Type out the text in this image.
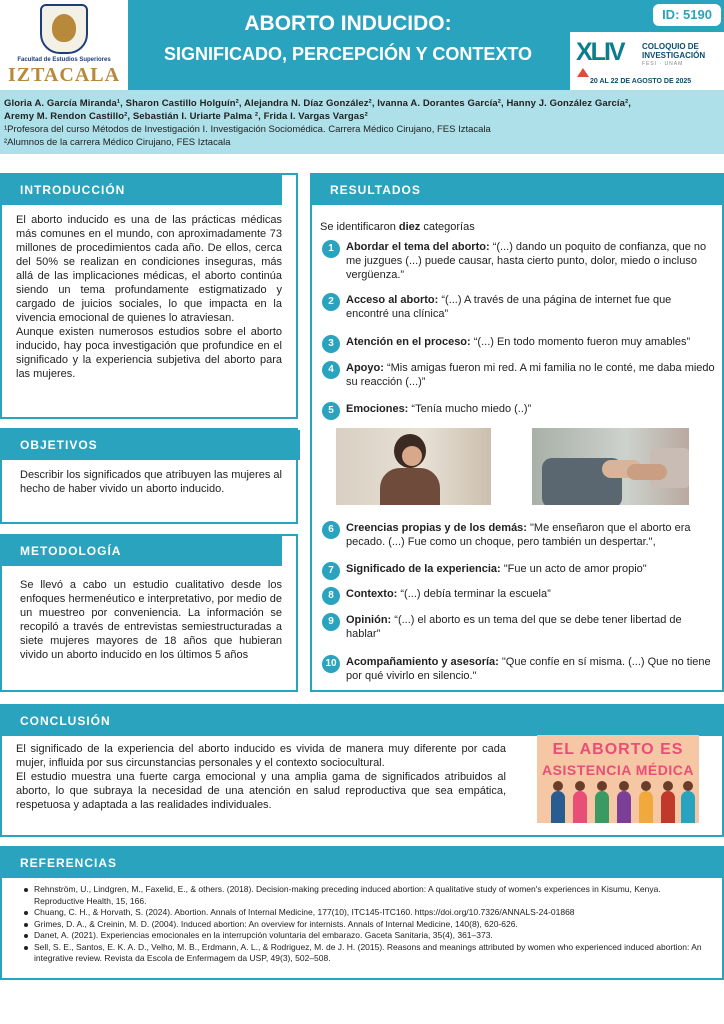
Facultad de Estudios Superiores
IZTACALA
ABORTO INDUCIDO:
SIGNIFICADO, PERCEPCIÓN Y CONTEXTO
ID: 5190
XLIV COLOQUIO DE
INVESTIGACIÓN
FESI · UNAM
20 AL 22 DE AGOSTO DE 2025
Gloria A. García Miranda¹, Sharon Castillo Holguín², Alejandra N. Díaz González², Ivanna A. Dorantes García², Hanny J. González García²,
Aremy M. Rendon Castillo², Sebastián I. Uriarte Palma ², Frida I. Vargas Vargas²
¹Profesora del curso Métodos de Investigación I. Investigación Sociomédica. Carrera Médico Cirujano, FES Iztacala
²Alumnos de la carrera Médico Cirujano, FES Iztacala
INTRODUCCIÓN

El aborto inducido es una de las prácticas médicas más comunes en el mundo, con aproximadamente 73 millones de procedimientos cada año. De ellos, cerca del 50% se realizan en condiciones inseguras, más allá de las implicaciones médicas, el aborto continúa siendo un tema profundamente estigmatizado y cargado de juicios sociales, lo que impacta en la vivencia emocional de quienes lo atraviesan.

Aunque existen numerosos estudios sobre el aborto inducido, hay poca investigación que profundice en el significado y la experiencia subjetiva del aborto para las mujeres.

OBJETIVOS
Describir los significados que atribuyen las mujeres al hecho de haber vivido un aborto inducido.
METODOLOGÍA
Se llevó a cabo un estudio cualitativo desde los enfoques hermenéutico e interpretativo, por medio de un muestreo por conveniencia. La información se recopiló a través de entrevistas semiestructuradas a siete mujeres mayores de 18 años que hubieran vivido un aborto inducido en los últimos 5 años
RESULTADOS
Se identificaron diez categorías
1	Abordar el tema del aborto: “(...) dando un poquito de confianza, que no me juzgues (...) puede causar, hasta cierto punto, dolor, miedo o incluso vergüenza.”
2	Acceso al aborto: “(...) A través de una página de internet fue que encontré una clínica”
3	Atención en el proceso: “(...) En todo momento fueron muy amables”
4	Apoyo: “Mis amigas fueron mi red. A mi familia no le conté, me daba miedo su reacción (...)”
5	Emociones: “Tenía mucho miedo (..)”
6	Creencias propias y de los demás: "Me enseñaron que el aborto era pecado. (...) Fue como un choque, pero también un despertar.",
7	Significado de la experiencia: "Fue un acto de amor propio"
8	Contexto: “(...) debía terminar la escuela”
9	Opinión: “(...) el aborto es un tema del que se debe tener libertad de hablar”
10 Acompañamiento y asesoría: "Que confíe en sí misma. (...) Que no tiene por qué vivirlo en silencio."
CONCLUSIÓN

El significado de la experiencia del aborto inducido es vivida de manera muy diferente por cada mujer, influida por sus circunstancias personales y el contexto sociocultural.

El estudio muestra una fuerte carga emocional y una amplia gama de significados atribuidos al aborto, lo que subraya la necesidad de una atención en salud reproductiva que sea empática, respetuosa y adaptada a las realidades individuales.

EL ABORTO ES
ASISTENCIA MÉDICA
REFERENCIAS
Rehnström, U., Lindgren, M., Faxelid, E., & others. (2018). Decision-making preceding induced abortion: A qualitative study of women's experiences in Kisumu, Kenya. Reproductive Health, 15, 166.
Chuang, C. H., & Horvath, S. (2024). Abortion. Annals of Internal Medicine, 177(10), ITC145-ITC160. https://doi.org/10.7326/ANNALS-24-01868
Grimes, D. A., & Creinin, M. D. (2004). Induced abortion: An overview for internists. Annals of Internal Medicine, 140(8), 620-626.
Danet, A. (2021). Experiencias emocionales en la interrupción voluntaria del embarazo. Gaceta Sanitaria, 35(4), 361–373.
Sell, S. E., Santos, E. K. A. D., Velho, M. B., Erdmann, A. L., & Rodriguez, M. de J. H. (2015). Reasons and meanings attributed by women who experienced induced abortion: An integrative review. Revista da Escola de Enfermagem da USP, 49(3), 502–508.
